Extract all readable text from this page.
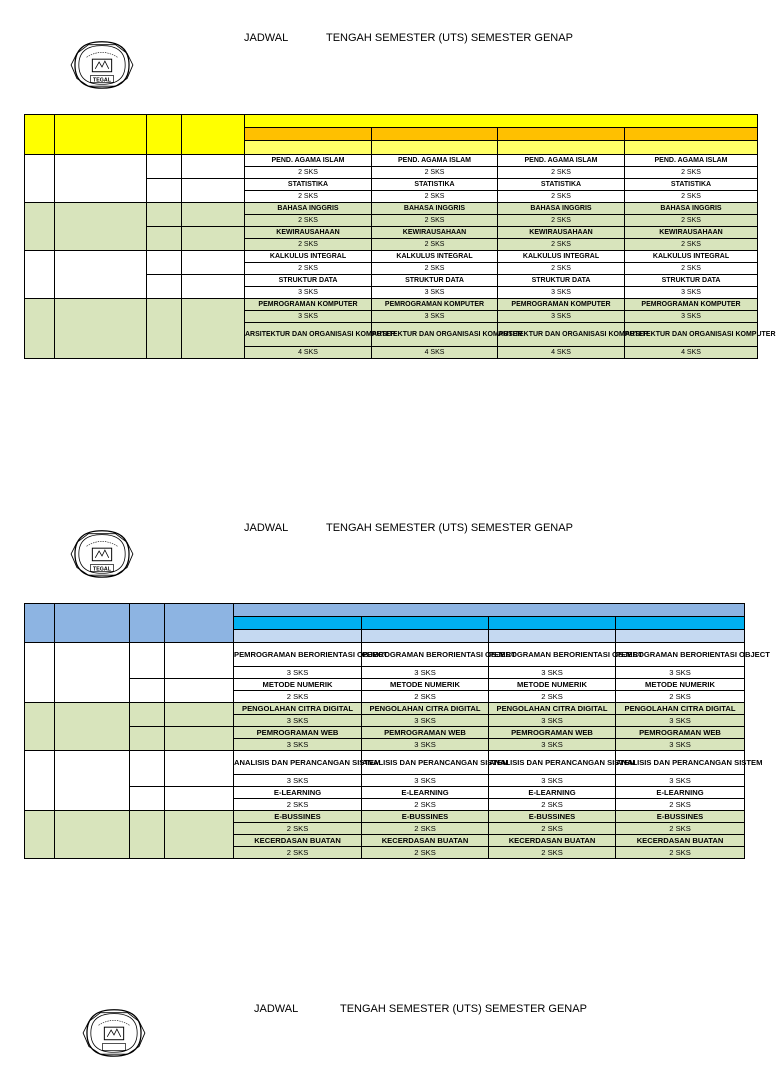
JADWAL	TENGAH SEMESTER (UTS) SEMESTER GENAP
TEGAL

				PEND. AGAMA ISLAM	PEND. AGAMA ISLAM	PEND. AGAMA ISLAM	PEND. AGAMA ISLAM
				2 SKS	2 SKS	2 SKS	2 SKS
				STATISTIKA	STATISTIKA	STATISTIKA	STATISTIKA
				2 SKS	2 SKS	2 SKS	2 SKS
				BAHASA INGGRIS	BAHASA INGGRIS	BAHASA INGGRIS	BAHASA INGGRIS
				2 SKS	2 SKS	2 SKS	2 SKS
				KEWIRAUSAHAAN	KEWIRAUSAHAAN	KEWIRAUSAHAAN	KEWIRAUSAHAAN
				2 SKS	2 SKS	2 SKS	2 SKS
				KALKULUS INTEGRAL	KALKULUS INTEGRAL	KALKULUS INTEGRAL	KALKULUS INTEGRAL
				2 SKS	2 SKS	2 SKS	2 SKS
				STRUKTUR DATA	STRUKTUR DATA	STRUKTUR DATA	STRUKTUR DATA
				3 SKS	3 SKS	3 SKS	3 SKS
				PEMROGRAMAN KOMPUTER	PEMROGRAMAN KOMPUTER	PEMROGRAMAN KOMPUTER	PEMROGRAMAN KOMPUTER
				3 SKS	3 SKS	3 SKS	3 SKS
				ARSITEKTUR DAN ORGANISASI KOMPUTER	ARSITEKTUR DAN ORGANISASI KOMPUTER	ARSITEKTUR DAN ORGANISASI KOMPUTER	ARSITEKTUR DAN ORGANISASI KOMPUTER
				4 SKS	4 SKS	4 SKS	4 SKS
JADWAL	TENGAH SEMESTER (UTS) SEMESTER GENAP
TEGAL

				PEMROGRAMAN BERORIENTASI OBJECT	PEMROGRAMAN BERORIENTASI OBJECT	PEMROGRAMAN BERORIENTASI OBJECT	PEMROGRAMAN BERORIENTASI OBJECT
				3 SKS	3 SKS	3 SKS	3 SKS
				METODE NUMERIK	METODE NUMERIK	METODE NUMERIK	METODE NUMERIK
				2 SKS	2 SKS	2 SKS	2 SKS
				PENGOLAHAN CITRA DIGITAL	PENGOLAHAN CITRA DIGITAL	PENGOLAHAN CITRA DIGITAL	PENGOLAHAN CITRA DIGITAL
				3 SKS	3 SKS	3 SKS	3 SKS
				PEMROGRAMAN WEB	PEMROGRAMAN WEB	PEMROGRAMAN WEB	PEMROGRAMAN WEB
				3 SKS	3 SKS	3 SKS	3 SKS
				ANALISIS DAN PERANCANGAN SISTEM	ANALISIS DAN PERANCANGAN SISTEM	ANALISIS DAN PERANCANGAN SISTEM	ANALISIS DAN PERANCANGAN SISTEM
				3 SKS	3 SKS	3 SKS	3 SKS
				E-LEARNING	E-LEARNING	E-LEARNING	E-LEARNING
				2 SKS	2 SKS	2 SKS	2 SKS
				E-BUSSINES	E-BUSSINES	E-BUSSINES	E-BUSSINES
				2 SKS	2 SKS	2 SKS	2 SKS
				KECERDASAN BUATAN	KECERDASAN BUATAN	KECERDASAN BUATAN	KECERDASAN BUATAN
				2 SKS	2 SKS	2 SKS	2 SKS
JADWAL	TENGAH SEMESTER (UTS) SEMESTER GENAP
